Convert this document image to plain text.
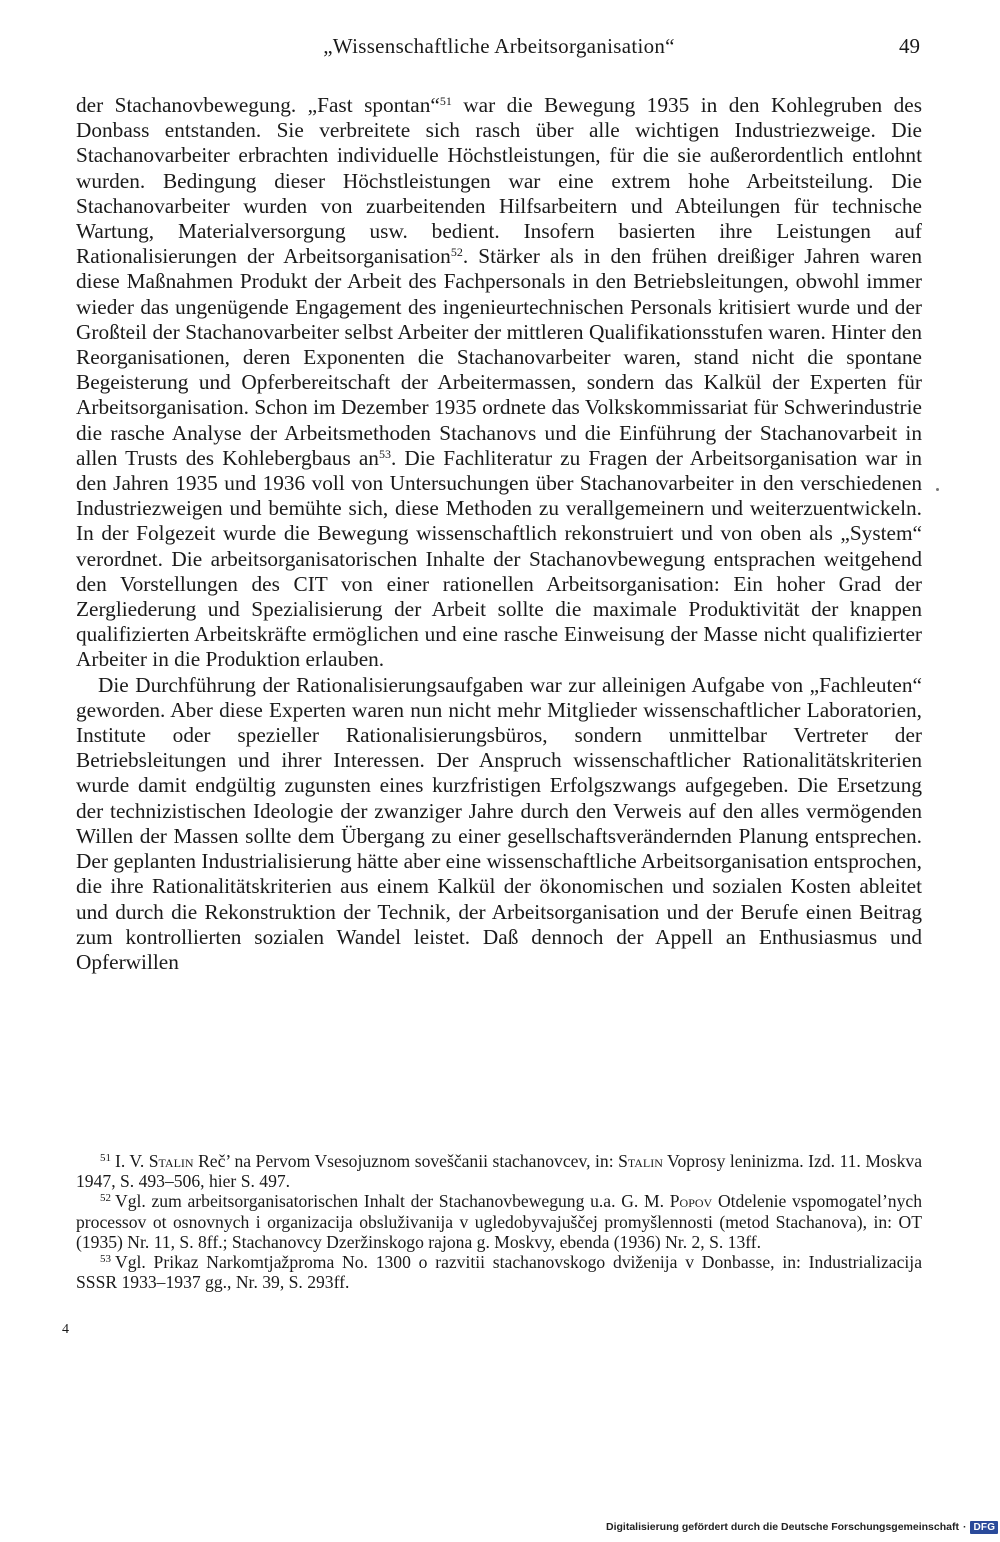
„Wissenschaftliche Arbeitsorganisation“	49

der Stachanovbewegung. „Fast spontan“$^{51}$ war die Bewegung 1935 in den Kohlegruben des Donbass entstanden. Sie verbreitete sich rasch über alle wichtigen Industriezweige. Die Stachanovarbeiter erbrachten individuelle Höchstleistungen, für die sie außerordentlich entlohnt wurden. Bedingung dieser Höchstleistungen war eine extrem hohe Arbeitsteilung. Die Stachanovarbeiter wurden von zuarbeitenden Hilfsarbeitern und Abteilungen für technische Wartung, Materialversorgung usw. bedient. Insofern basierten ihre Leistungen auf Rationalisierungen der Arbeitsorganisation$^{52}$. Stärker als in den frühen dreißiger Jahren waren diese Maßnahmen Produkt der Arbeit des Fachpersonals in den Betriebsleitungen, obwohl immer wieder das ungenügende Engagement des ingenieurtechnischen Personals kritisiert wurde und der Großteil der Stachanovarbeiter selbst Arbeiter der mittleren Qualifikationsstufen waren. Hinter den Reorganisationen, deren Exponenten die Stachanovarbeiter waren, stand nicht die spontane Begeisterung und Opferbereitschaft der Arbeitermassen, sondern das Kalkül der Experten für Arbeitsorganisation. Schon im Dezember 1935 ordnete das Volkskommissariat für Schwerindustrie die rasche Analyse der Arbeitsmethoden Stachanovs und die Einführung der Stachanovarbeit in allen Trusts des Kohlebergbaus $an^{53}$. Die Fachliteratur zu Fragen der Arbeitsorganisation war in den Jahren 1935 und 1936 voll von Untersuchungen über Stachanovarbeiter in den verschiedenen Industriezweigen und bemühte sich, diese Methoden zu verallgemeinern und weiterzuentwickeln. In der Folgezeit wurde die Bewegung wissenschaftlich rekonstruiert und von oben als „System“ verordnet. Die arbeitsorganisatorischen Inhalte der Stachanovbewegung entsprachen weitgehend den Vorstellungen des CIT von einer rationellen Arbeitsorganisation: Ein hoher Grad der Zergliederung und Spezialisierung der Arbeit sollte die maximale Produktivität der knappen qualifizierten Arbeitskräfte ermöglichen und eine rasche Einweisung der Masse nicht qualifizierter Arbeiter in die Produktion erlauben.

Die Durchführung der Rationalisierungsaufgaben war zur alleinigen Aufgabe von „Fachleuten“ geworden. Aber diese Experten waren nun nicht mehr Mitglieder wissenschaftlicher Laboratorien, Institute oder spezieller Rationalisierungsbüros, sondern unmittelbar Vertreter der Betriebsleitungen und ihrer Interessen. Der Anspruch wissenschaftlicher Rationalitätskriterien wurde damit endgültig zugunsten eines kurzfristigen Erfolgszwangs aufgegeben. Die Ersetzung der technizistischen Ideologie der zwanziger Jahre durch den Verweis auf den alles vermögenden Willen der Massen sollte dem Übergang zu einer gesellschaftsverändernden Planung entsprechen. Der geplanten Industrialisierung hätte aber eine wissenschaftliche Arbeitsorganisation entsprochen, die ihre Rationalitätskriterien aus einem Kalkül der ökonomischen und sozialen Kosten ableitet und durch die Rekonstruktion der Technik, der Arbeitsorganisation und der Berufe einen Beitrag zum kontrollierten sozialen Wandel leistet. Daß dennoch der Appell an Enthusiasmus und Opferwillen

$^{51}$ I. V. Stalin Reč’ na Pervom Vsesojuznom soveščanii stachanovcev, in: Stalin Voprosy leninizma. Izd. 11. Moskva 1947, S. 493–506, hier S. 497.

$^{52}$ Vgl. zum arbeitsorganisatorischen Inhalt der Stachanovbewegung u.a. G. M. Popov Otdelenie vspomogatel’nych processov ot osnovnych i organizacija obsluživanija v ugledobyvajuščej promyšlennosti (metod Stachanova), in: OT (1935) Nr. 11, S. 8ff.; Stachanovcy Dzeržinskogo rajona g. Moskvy, ebenda (1936) Nr. 2, S. 13ff.

$^{53}$ Vgl. Prikaz Narkomtjažproma No. 1300 o razvitii stachanovskogo dviženija v Donbasse, in: Industrializacija SSSR 1933–1937 gg., Nr. 39, S. 293ff.

4
Digitalisierung gefördert durch die Deutsche Forschungsgemeinschaft · DFG
